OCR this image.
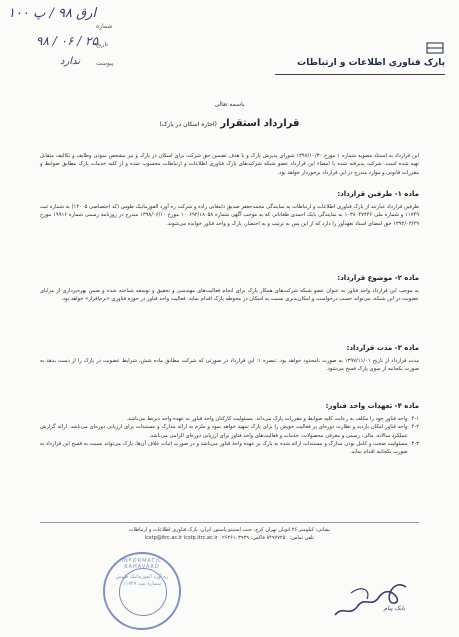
۱۰۰ ارق ۹۸ / پ
۹۸ / ۰۶ / ۲۵
ندارد
شماره
تاریخ
پیوست	پارک فناوری اطلاعات و ارتباطات
باسمه تعالی
قرارداد استقرار (اجاره اسکان در پارک)
این قرارداد به استناد مصوبه شماره ۱ مورخ ۱۳۹۷/۱۰/۳۰ شورای پذیرش پارک و با هدف تضمین حق شرکت برای اسکان در پارک و نیز مشخص نمودن وظایف و تکالیف متقابل تهیه شده است. شرکت پذیرفته شده با امضاء این قرارداد عضو شبکه شرکت‌های پارک فناوری اطلاعات و ارتباطات محسوب شده و از کلیه خدمات پارک مطابق ضوابط و مقررات قانونی و موارد مندرج در این قرارداد برخوردار خواهد بود.
ماده ۱- طرفین قرارداد:
طرفین قرارداد عبارتند از پارک فناوری اطلاعات و ارتباطات به نمایندگی محمدجعفر صدیق دامغانی زاده و شرکت ره آورد الفورماتیک طوس (کد اختصاصی ۱۴۰۰۵) به شماره ثبت ۱۱۷۴۹ و شماره ملی ۱۰۳۸۰۴۷۴۴۶ به نمایندگی بابک احمدی طغانانی که به موجب آگهی شماره ۱۰۰۶۹۲/۱۸۰۵۸ مورخ ۱۳۹۸/۰۶/۱۰ مندرج در روزنامه رسمی شماره ۱۹۹۱۶ مورخ ۱۳۹۲/۰۴/۲۹ حق امضای اسناد تعهدآور را دارد که از این پس به ترتیب و به اختصار، پارک و واحد فناور خوانده می‌شوند.
ماده ۲- موضوع قرارداد:
به موجب این قرارداد واحد فناور به عنوان عضو شبکه شرکت‌های همکار پارک برای انجام فعالیت‌های مهندسی و تحقیق و توسعه شناخته شده و ضمن بهره‌برداری از مزایای عضویت در این شبکه، می‌تواند حسب درخواست و امکان‌پذیری نسبت به اسکان در محوطه پارک اقدام نماید. فعالیت واحد فناور در حوزه فناوری «نرم‌افزار» خواهد بود.
ماده ۳- مدت قرارداد:
مدت قرارداد از تاریخ ۱۳۹۷/۱۱/۰۱ به صورت نامحدود خواهد بود. تبصره ۱: این قرارداد در صورتی که شرکت مطابق ماده شش، شرایط عضویت در پارک را از دست بدهد به صورت یکجانبه از سوی پارک فسخ می‌شود.
ماده ۴- تعهدات واحد فناور:
۴-۱
واحد فناور خود را مکلف به رعایت کلیه ضوابط و مقررات پارک می‌داند. مسئولیت کارکنان واحد فناور به عهده واحد ذیربط می‌باشد.
۴-۲
واحد فناور امکان بازدید و نظارت دوره‌ای بر فعالیت خویش را برای پارک تمهید خواهد نمود و ملزم به ارائه مدارک و مستندات برای ارزیابی دوره‌ای می‌باشد. ارائه گزارش عملکرد سالانه، مالی، رسمی و معرفی محصولات، خدمات و فعالیت‌های واحد فناور برای ارزیابی دوره‌ای الزامی می‌باشد.
۴-۳
مسئولیت صحت و کامل بودن مدارک و مستندات ارائه شده به پارک بر عهده واحد فناور می‌باشد و در صورت اثبات خلاف آن‌ها، پارک می‌تواند نسبت به فسخ این قرارداد به صورت یکجانبه اقدام نماید.
نشانی: کیلومتر ۲۶ اتوبان تهران کرج، جنب استیتو پاستور ایران، پارک فناوری اطلاعات و ارتباطات
تلفن تماس: ۸۴۹۷۷۲۵۰ فاکس: ۰۲۶۳۶۱۰۳۹۳۹ icstp@itrc.ac.ir icstp.itrc.ac.ir
INFORMATIC RAHAVARD
ره آورد انفورماتیک طوس
شماره ثبت ۱۱۷۴۹
بابک پیام
